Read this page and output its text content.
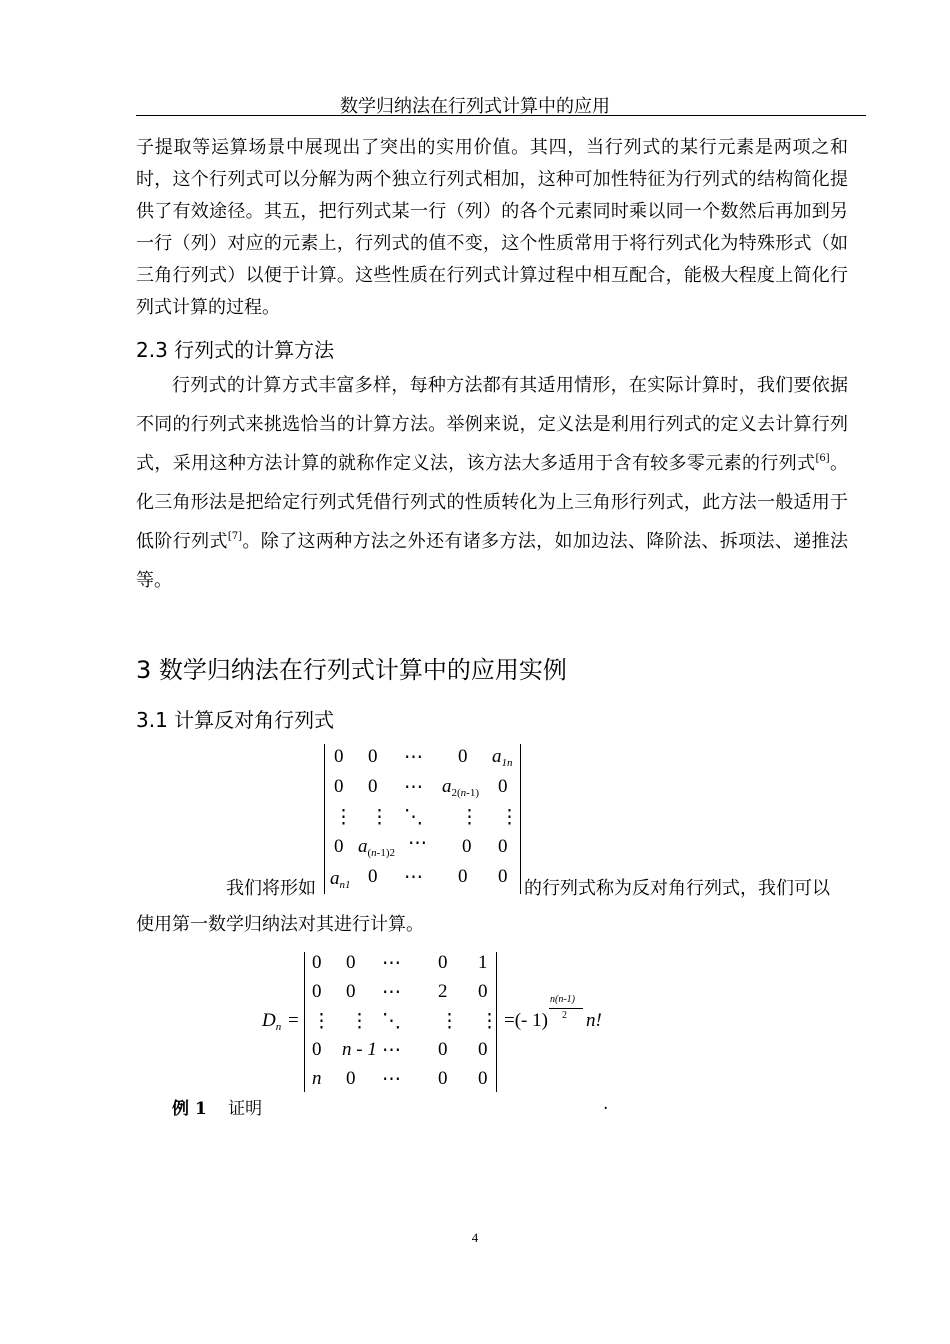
数学归纳法在行列式计算中的应用

子提取等运算场景中展现出了突出的实用价值。其四，当行列式的某行元素是两项之和时，这个行列式可以分解为两个独立行列式相加，这种可加性特征为行列式的结构简化提供了有效途径。其五，把行列式某一行（列）的各个元素同时乘以同一个数然后再加到另一行（列）对应的元素上，行列式的值不变，这个性质常用于将行列式化为特殊形式（如三角行列式）以便于计算。这些性质在行列式计算过程中相互配合，能极大程度上简化行列式计算的过程。

2.3 行列式的计算方法

行列式的计算方式丰富多样，每种方法都有其适用情形，在实际计算时，我们要依据不同的行列式来挑选恰当的计算方法。举例来说，定义法是利用行列式的定义去计算行列式，采用这种方法计算的就称作定义法，该方法大多适用于含有较多零元素的行列式[6]。化三角形法是把给定行列式凭借行列式的性质转化为上三角形行列式，此方法一般适用于低阶行列式[7]。除了这两种方法之外还有诸多方法，如加边法、降阶法、拆项法、递推法等。

3 数学归纳法在行列式计算中的应用实例
3.1 计算反对角行列式
0 0 ⋯ 0 $a_{1n}$
0 0 ⋯ $a_{2(n-1)}$ 0
⋮ ⋮ ⋱ ⋮ ⋮
0 $a_{(n-1)2}$ ⋯ 0 0
$a_{n1}$ 0 ⋯ 0 0
我们将形如	的行列式称为反对角行列式，我们可以
使用第一数学归纳法对其进行计算。
$D_n$ =
0 0 ⋯ 0 1
0 0 ⋯ 2 0
⋮ ⋮ ⋱ ⋮ ⋮
0 n - 1 ⋯ 0 0
n 0 ⋯ 0 0
=(- 1)
n(n-1)
2 n!
例 1 证明	.
4
